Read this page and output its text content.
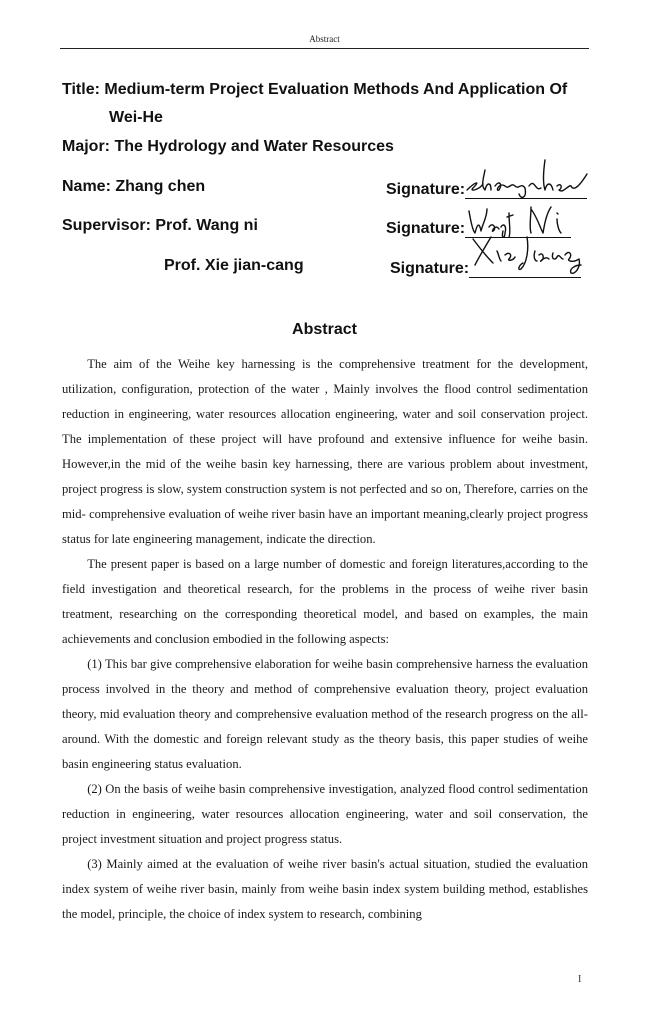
Abstract
Title: Medium-term Project Evaluation Methods And Application Of
Wei-He
Major: The Hydrology and Water Resources
Name: Zhang chen
Supervisor: Prof. Wang ni
Prof. Xie jian-cang
Signature:
Signature:
Signature:
Abstract

The aim of the Weihe key harnessing is the comprehensive treatment for the development, utilization, configuration, protection of the water , Mainly involves the flood control sedimentation reduction in engineering, water resources allocation engineering, water and soil conservation project. The implementation of these project will have profound and extensive influence for weihe basin. However,in the mid of the weihe basin key harnessing, there are various problem about investment, project progress is slow, system construction system is not perfected and so on, Therefore, carries on the mid- comprehensive evaluation of weihe river basin have an important meaning,clearly project progress status for late engineering management, indicate the direction.

The present paper is based on a large number of domestic and foreign literatures,according to the field investigation and theoretical research, for the problems in the process of weihe river basin treatment, researching on the corresponding theoretical model, and based on examples, the main achievements and conclusion embodied in the following aspects:

(1) This bar give comprehensive elaboration for weihe basin comprehensive harness the evaluation process involved in the theory and method of comprehensive evaluation theory, project evaluation theory, mid evaluation theory and comprehensive evaluation method of the research progress on the all-around. With the domestic and foreign relevant study as the theory basis, this paper studies of weihe basin engineering status evaluation.

(2) On the basis of weihe basin comprehensive investigation, analyzed flood control sedimentation reduction in engineering, water resources allocation engineering, water and soil conservation, the project investment situation and project progress status.

(3) Mainly aimed at the evaluation of weihe river basin's actual situation, studied the evaluation index system of weihe river basin, mainly from weihe basin index system building method, establishes the model, principle, the choice of index system to research, combining

I
